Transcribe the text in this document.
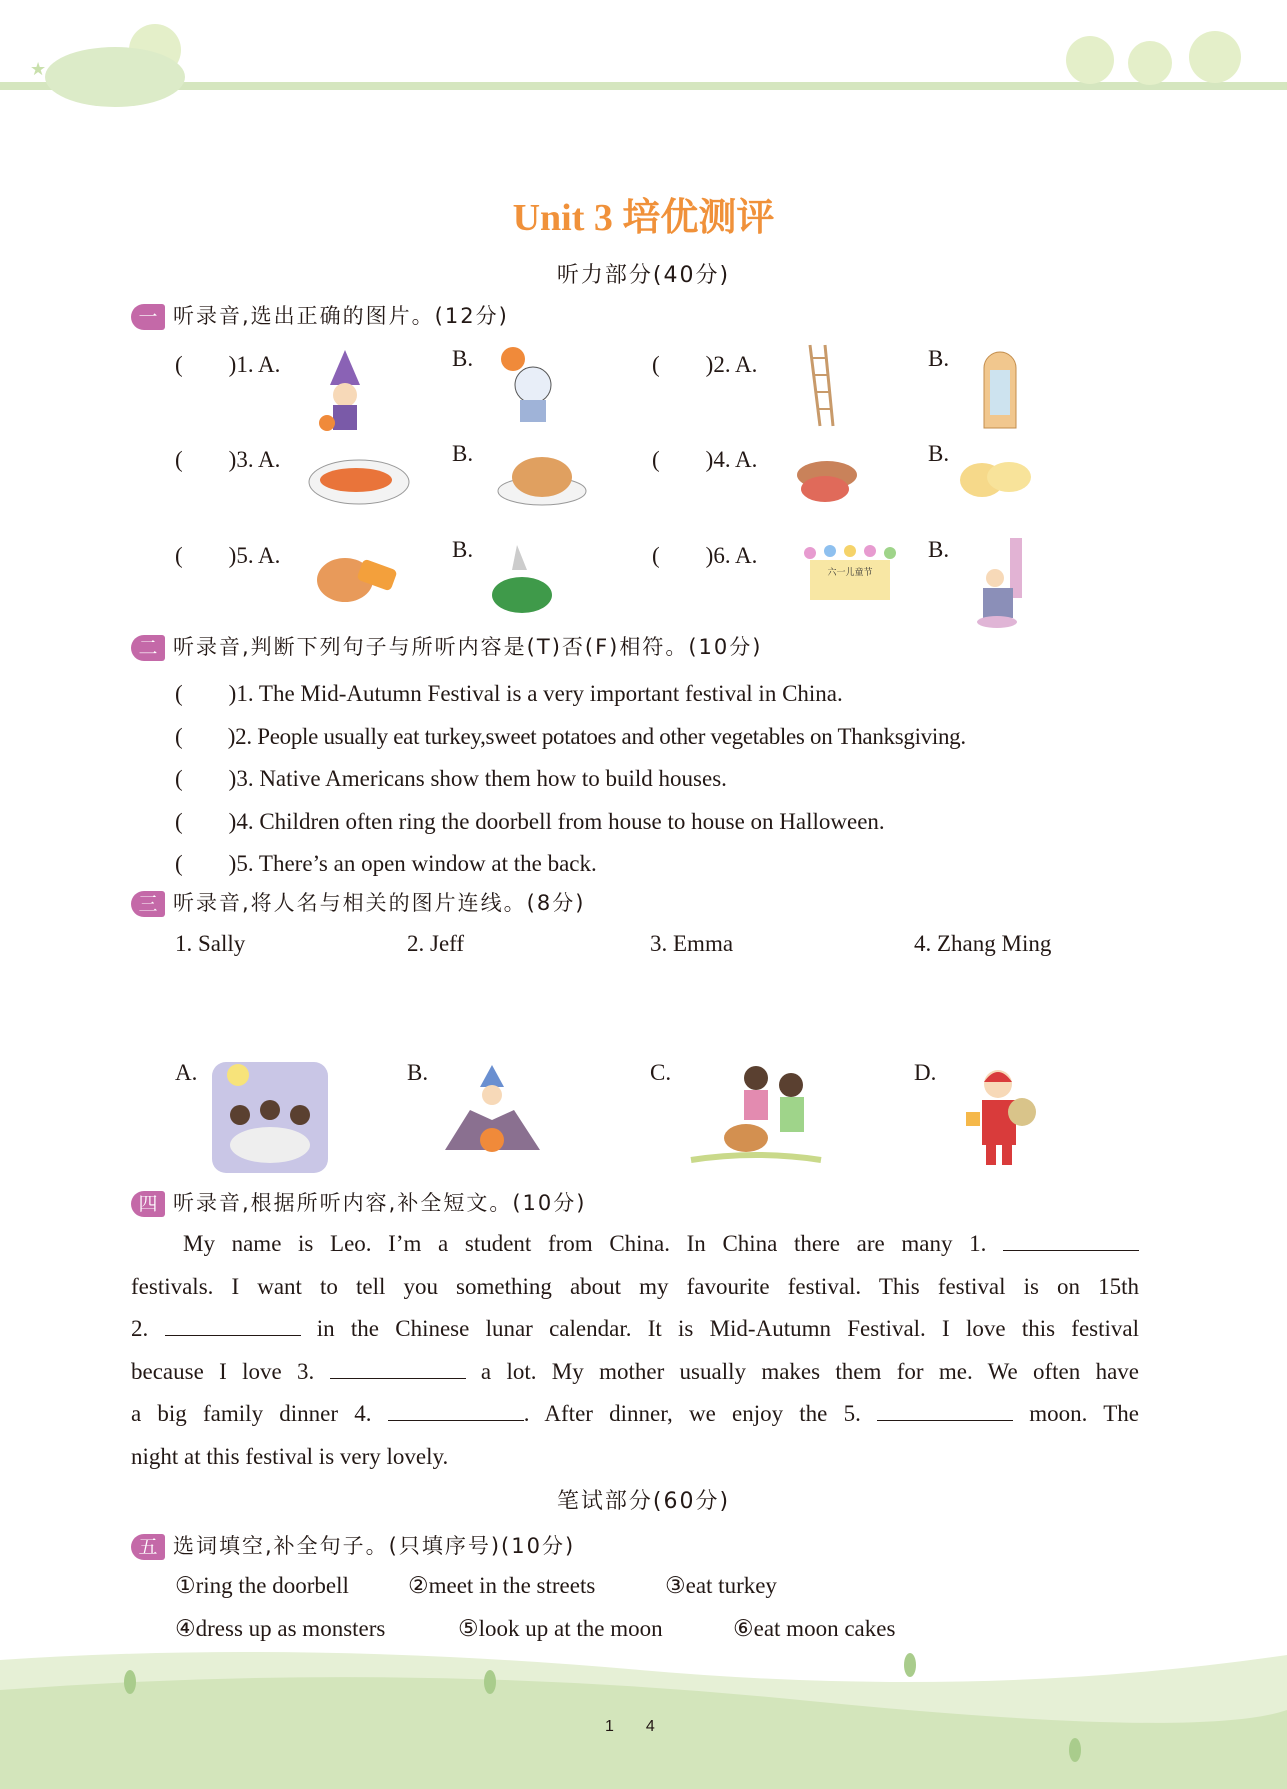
★
Unit 3 培优测评
听力部分(40分)
一 听录音,选出正确的图片。(12分)
(　　)1. A.	B.	(　　)2. A.	B.
(　　)3. A.	B.	(　　)4. A.	B.
(　　)5. A.	B.	(　　)6. A.	B.
六一儿童节
二 听录音,判断下列句子与所听内容是(T)否(F)相符。(10分)
(　　)1. The Mid-Autumn Festival is a very important festival in China.
(　　)2. People usually eat turkey,sweet potatoes and other vegetables on Thanksgiving.
(　　)3. Native Americans show them how to build houses.
(　　)4. Children often ring the doorbell from house to house on Halloween.
(　　)5. There’s an open window at the back.
三 听录音,将人名与相关的图片连线。(8分)
1. Sally	2. Jeff	3. Emma	4. Zhang Ming
A.	B.	C.	D.
四 听录音,根据所听内容,补全短文。(10分)
My name is Leo. I’m a student from China. In China there are many 1.
festivals. I want to tell you something about my favourite festival. This festival is on 15th
2.	in the Chinese lunar calendar. It is Mid-Autumn Festival. I love this festival
because I love 3.	a lot. My mother usually makes them for me. We often have
a big family dinner 4.	. After dinner, we enjoy the 5.	moon. The
night at this festival is very lovely.
笔试部分(60分)
五 选词填空,补全句子。(只填序号)(10分)
①ring the doorbell	②meet in the streets	③eat turkey
④dress up as monsters	⑤look up at the moon	⑥eat moon cakes
1　　4
